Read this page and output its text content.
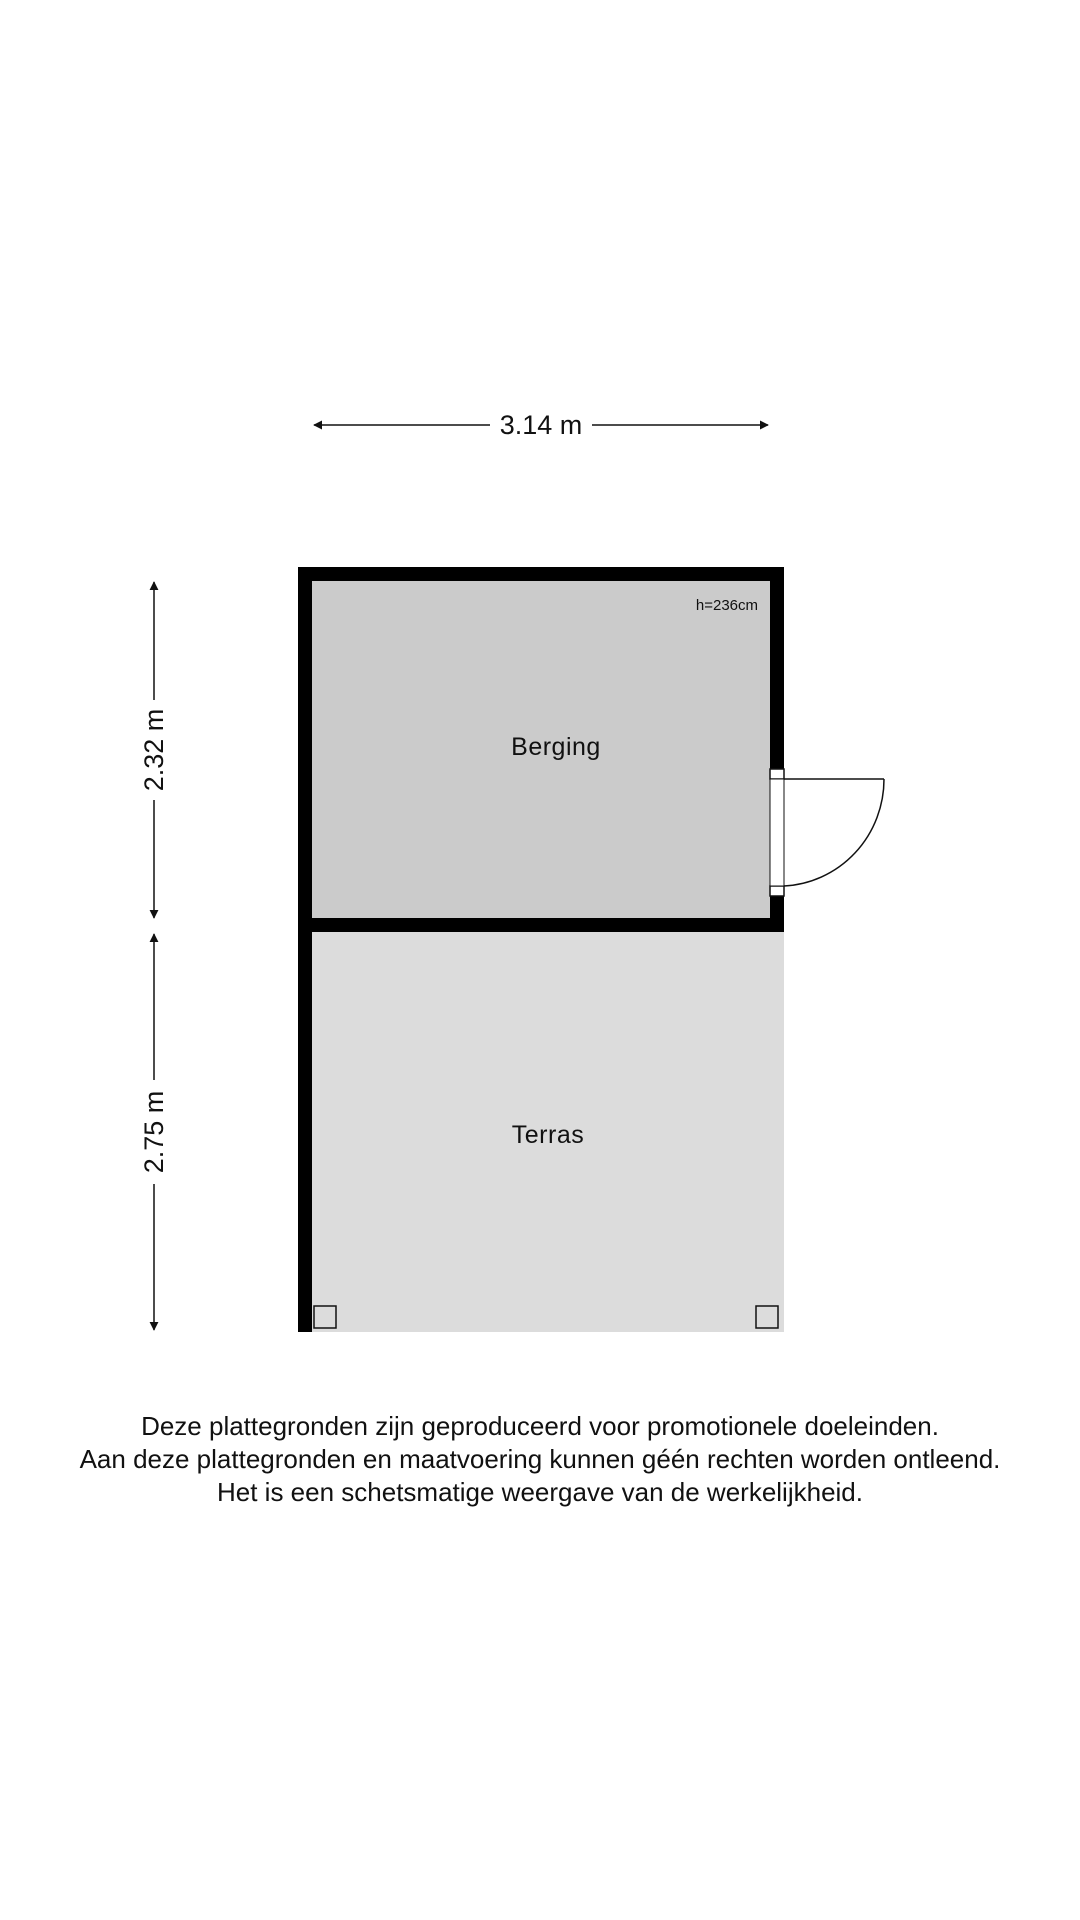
3.14 m
2.32 m
2.75 m
Berging
h=236cm
Terras
Deze plattegronden zijn geproduceerd voor promotionele doeleinden.
Aan deze plattegronden en maatvoering kunnen géén rechten worden ontleend.
Het is een schetsmatige weergave van de werkelijkheid.
